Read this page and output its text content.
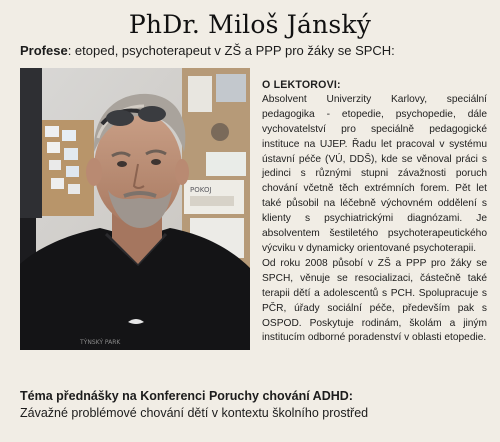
PhDr. Miloš Jánský
Profese: etoped, psychoterapeut v ZŠ a PPP pro žáky se SPCH:
POKOJ
TÝNSKÝ PARK
O LEKTOROVI:

Absolvent Univerzity Karlovy, speciální pedagogika - etopedie, psychopedie, dále vychovatelství pro speciálně pedagogické instituce na UJEP. Řadu let pracoval v systému ústavní péče (VÚ, DDŠ), kde se věnoval práci s jedinci s různými stupni závažnosti poruch chování včetně těch extrémních forem. Pět let také působil na léčebně výchovném oddělení s klienty s psychiatrickými diagnózami. Je absolventem šestiletého psychoterapeutického výcviku v dynamicky orientované psychoterapii.

Od roku 2008 působí v ZŠ a PPP pro žáky se SPCH, věnuje se resocializaci, částečně také terapii dětí a adolescentů s PCH. Spolupracuje s PČR, úřady sociální péče, především pak s OSPOD. Poskytuje rodinám, školám a jiným institucím odborné poradenství v oblasti etopedie.

Téma přednášky na Konferenci Poruchy chování ADHD:
Závažné problémové chování dětí v kontextu školního prostřed
